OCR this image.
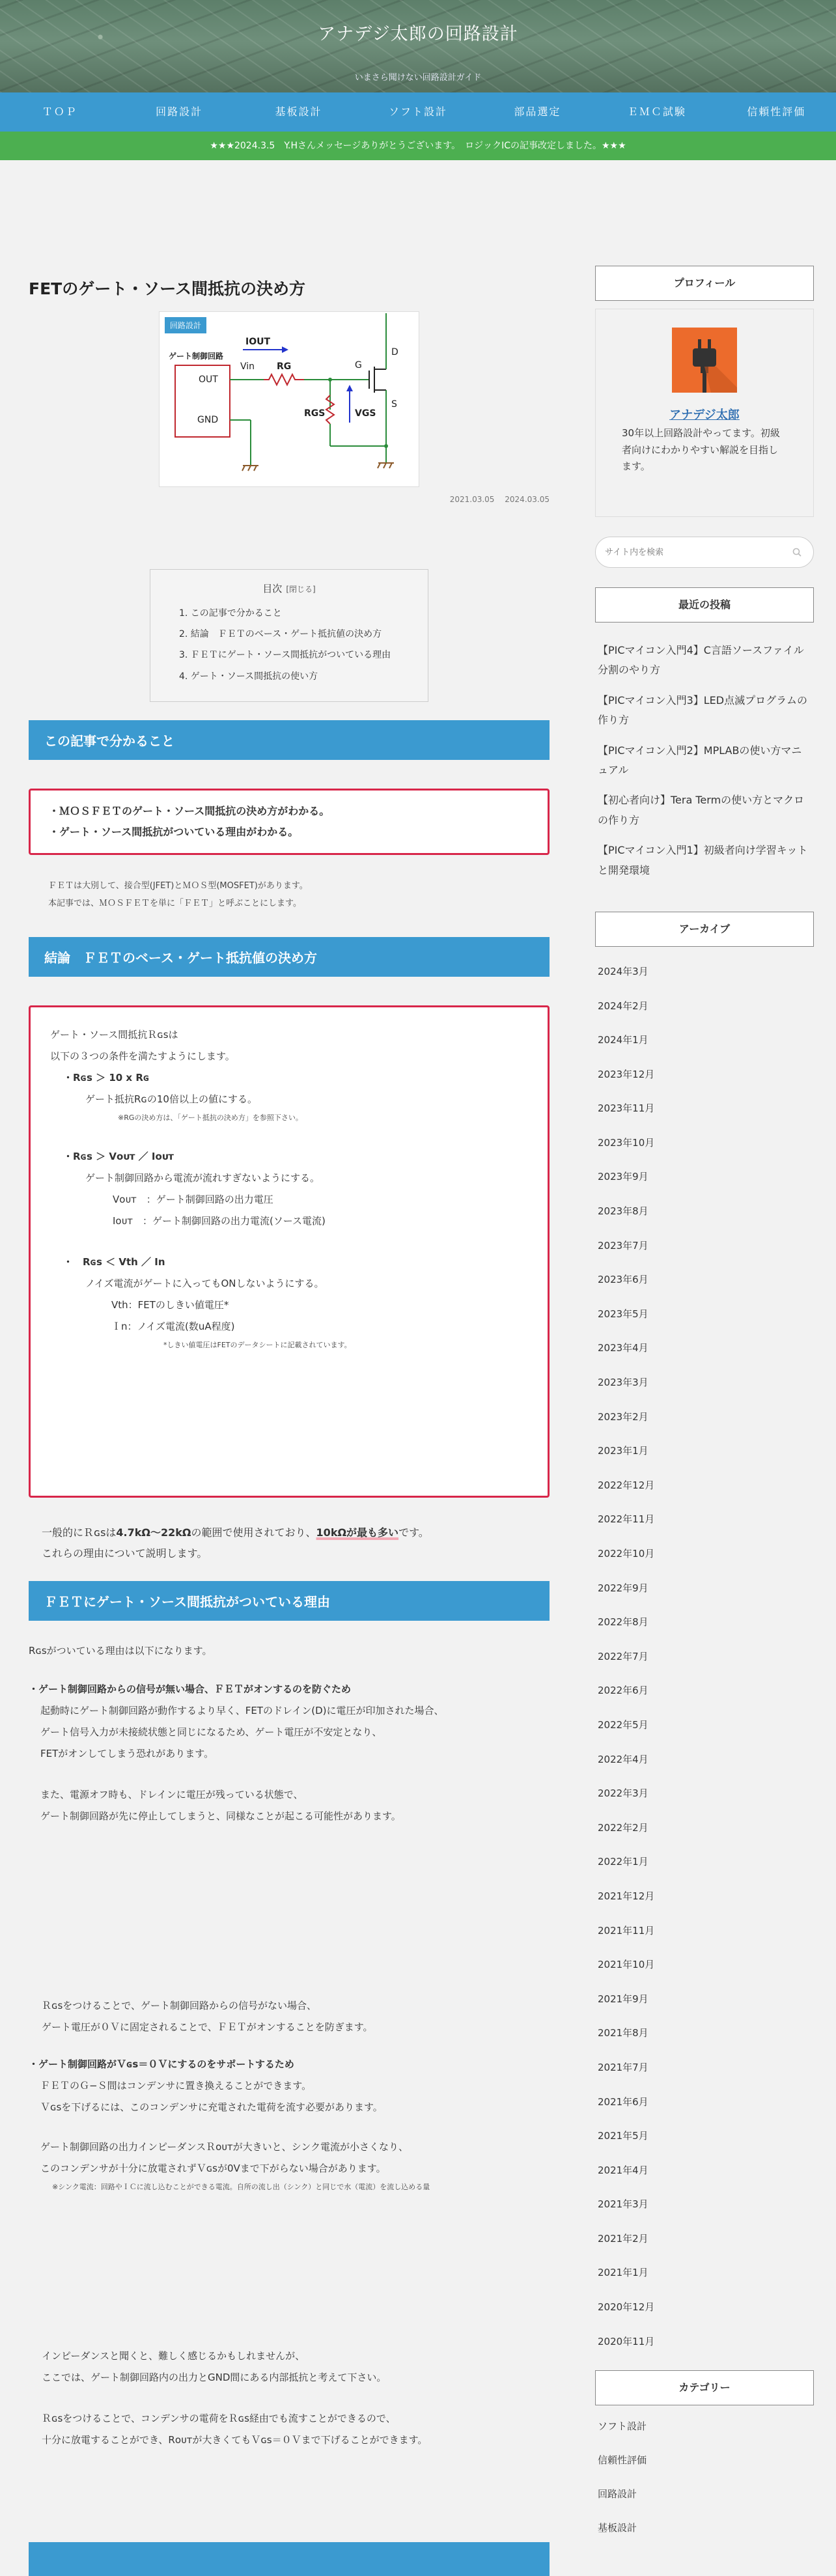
アナデジ太郎の回路設計
いまさら聞けない回路設計ガイド
ＴＯＰ	回路設計	基板設計	ソフト設計	部品選定	ＥＭＣ試験	信頼性評価
★★★2024.3.5　Y.Hさんメッセージありがとうございます。　ロジックICの記事改定しました。★★★
FETのゲート・ソース間抵抗の決め方
回路設計
ゲート制御回路
OUT
GND
IOUT
Vin RG
RGS	VGS
G
D
S
2021.03.05 2024.03.05
目次 [閉じる]
1. この記事で分かること
2. 結論　ＦＥＴのベース・ゲート抵抗値の決め方
3. ＦＥＴにゲート・ソース間抵抗がついている理由
4. ゲート・ソース間抵抗の使い方
この記事で分かること
・ＭＯＳＦＥＴのゲート・ソース間抵抗の決め方がわかる。
・ゲート・ソース間抵抗がついている理由がわかる。
ＦＥＴは大別して、接合型(JFET)とＭＯＳ型(MOSFET)があります。
本記事では、ＭＯＳＦＥＴを単に「ＦＥＴ」と呼ぶことにします。
結論　ＦＥＴのベース・ゲート抵抗値の決め方
ゲート・ソース間抵抗Ｒɢsは
以下の３つの条件を満たすようにします。
・Rɢs ＞ 10 x Rɢ
ゲート抵抗Rɢの10倍以上の値にする。
※RGの決め方は、「ゲート抵抗の決め方」を参照下さい。
・Rɢs ＞ Vᴏᴜᴛ ／ Iᴏᴜᴛ
ゲート制御回路から電流が流れすぎないようにする。
Vᴏᴜᴛ　：ゲート制御回路の出力電圧
Iᴏᴜᴛ　：ゲート制御回路の出力電流(ソース電流)
・　Rɢs ＜ Vth ／ In
ノイズ電流がゲートに入ってもONしないようにする。
Vth：FETのしきい値電圧*
Ｉn：ノイズ電流(数uA程度)
*しきい値電圧はFETのデータシートに記載されています。
一般的にＲɢsは4.7kΩ〜22kΩの範囲で使用されており、10kΩが最も多いです。
これらの理由について説明します。
ＦＥＴにゲート・ソース間抵抗がついている理由
Rɢsがついている理由は以下になります。
・ゲート制御回路からの信号が無い場合、ＦＥＴがオンするのを防ぐため
起動時にゲート制御回路が動作するより早く、FETのドレイン(D)に電圧が印加された場合、
ゲート信号入力が未接続状態と同じになるため、ゲート電圧が不安定となり、
FETがオンしてしまう恐れがあります。
また、電源オフ時も、ドレインに電圧が残っている状態で、
ゲート制御回路が先に停止してしまうと、同様なことが起こる可能性があります。
Ｒɢsをつけることで、ゲート制御回路からの信号がない場合、
ゲート電圧が０Ｖに固定されることで、ＦＥＴがオンすることを防ぎます。
・ゲート制御回路がＶɢs＝０Ｖにするのをサポートするため
ＦＥＴのＧ−Ｓ間はコンデンサに置き換えることができます。
Ｖɢsを下げるには、このコンデンサに充電された電荷を流す必要があります。
ゲート制御回路の出力インピーダンスＲᴏᴜᴛが大きいと、シンク電流が小さくなり、
このコンデンサが十分に放電されずＶɢsが0Vまで下がらない場合があります。
※シンク電流：回路やＩＣに流し込むことができる電流。自所の流し出（シンク）と同じで水（電流）を流し込める量
インピーダンスと聞くと、難しく感じるかもしれませんが、
ここでは、ゲート制御回路内の出力とGND間にある内部抵抗と考えて下さい。
Ｒɢsをつけることで、コンデンサの電荷をＲɢs経由でも流すことができるので、
十分に放電することができ、Rᴏᴜᴛが大きくてもＶɢs＝０Ｖまで下げることができます。
プロフィール
アナデジ太郎
30年以上回路設計やってます。初級者向けにわかりやすい解説を目指します。
サイト内を検索
最近の投稿
【PICマイコン入門4】C言語ソースファイル分割のやり方
【PICマイコン入門3】LED点滅プログラムの作り方
【PICマイコン入門2】MPLABの使い方マニュアル
【初心者向け】Tera Termの使い方とマクロの作り方
【PICマイコン入門1】初級者向け学習キットと開発環境
アーカイブ
2024年3月
2024年2月
2024年1月
2023年12月
2023年11月
2023年10月
2023年9月
2023年8月
2023年7月
2023年6月
2023年5月
2023年4月
2023年3月
2023年2月
2023年1月
2022年12月
2022年11月
2022年10月
2022年9月
2022年8月
2022年7月
2022年6月
2022年5月
2022年4月
2022年3月
2022年2月
2022年1月
2021年12月
2021年11月
2021年10月
2021年9月
2021年8月
2021年7月
2021年6月
2021年5月
2021年4月
2021年3月
2021年2月
2021年1月
2020年12月
2020年11月
カテゴリー
ソフト設計
信頼性評価
回路設計
基板設計
